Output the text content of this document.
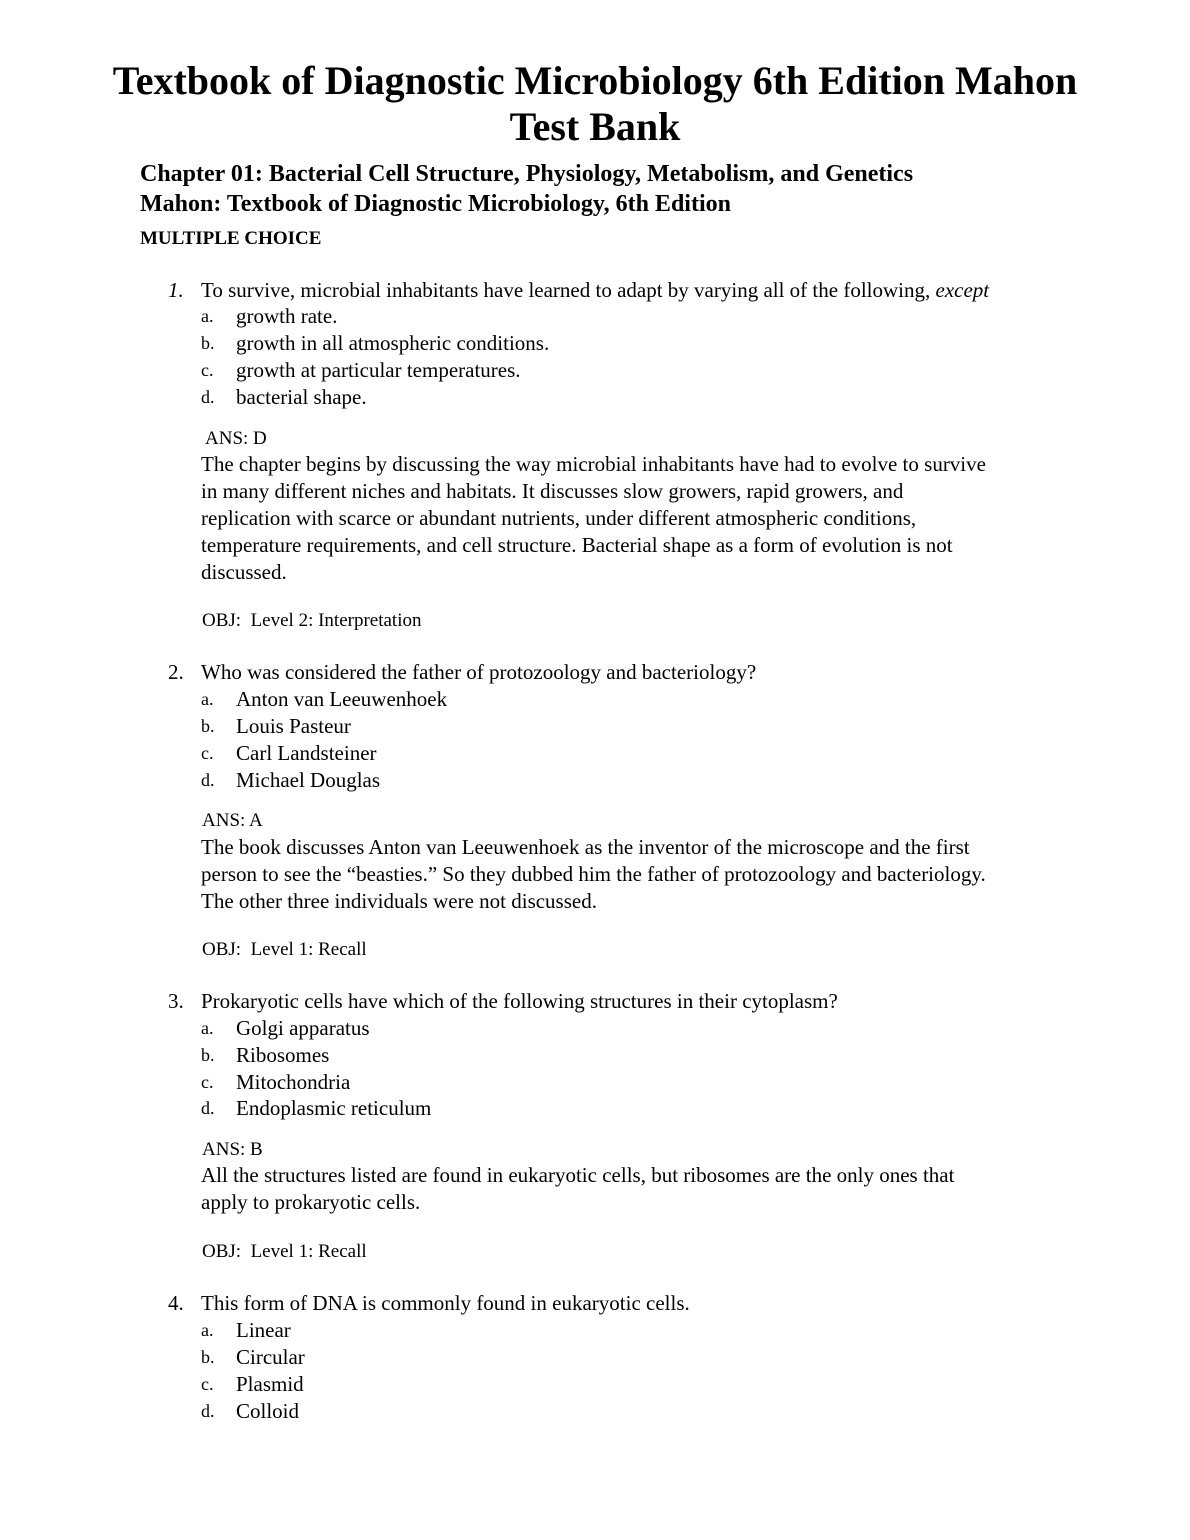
Textbook of Diagnostic Microbiology 6th Edition Mahon
Test Bank
Chapter 01: Bacterial Cell Structure, Physiology, Metabolism, and Genetics
Mahon: Textbook of Diagnostic Microbiology, 6th Edition
MULTIPLE CHOICE
1. To survive, microbial inhabitants have learned to adapt by varying all of the following, except
a. growth rate.
b. growth in all atmospheric conditions.
c. growth at particular temperatures.
d. bacterial shape.
ANS: D
The chapter begins by discussing the way microbial inhabitants have had to evolve to survive
in many different niches and habitats. It discusses slow growers, rapid growers, and
replication with scarce or abundant nutrients, under different atmospheric conditions,
temperature requirements, and cell structure. Bacterial shape as a form of evolution is not
discussed.
OBJ:  Level 2: Interpretation
2. Who was considered the father of protozoology and bacteriology?
a. Anton van Leeuwenhoek
b. Louis Pasteur
c. Carl Landsteiner
d. Michael Douglas
ANS: A
The book discusses Anton van Leeuwenhoek as the inventor of the microscope and the first
person to see the “beasties.” So they dubbed him the father of protozoology and bacteriology.
The other three individuals were not discussed.
OBJ:  Level 1: Recall
3. Prokaryotic cells have which of the following structures in their cytoplasm?
a. Golgi apparatus
b. Ribosomes
c. Mitochondria
d. Endoplasmic reticulum
ANS: B
All the structures listed are found in eukaryotic cells, but ribosomes are the only ones that
apply to prokaryotic cells.
OBJ:  Level 1: Recall
4. This form of DNA is commonly found in eukaryotic cells.
a. Linear
b. Circular
c. Plasmid
d. Colloid
